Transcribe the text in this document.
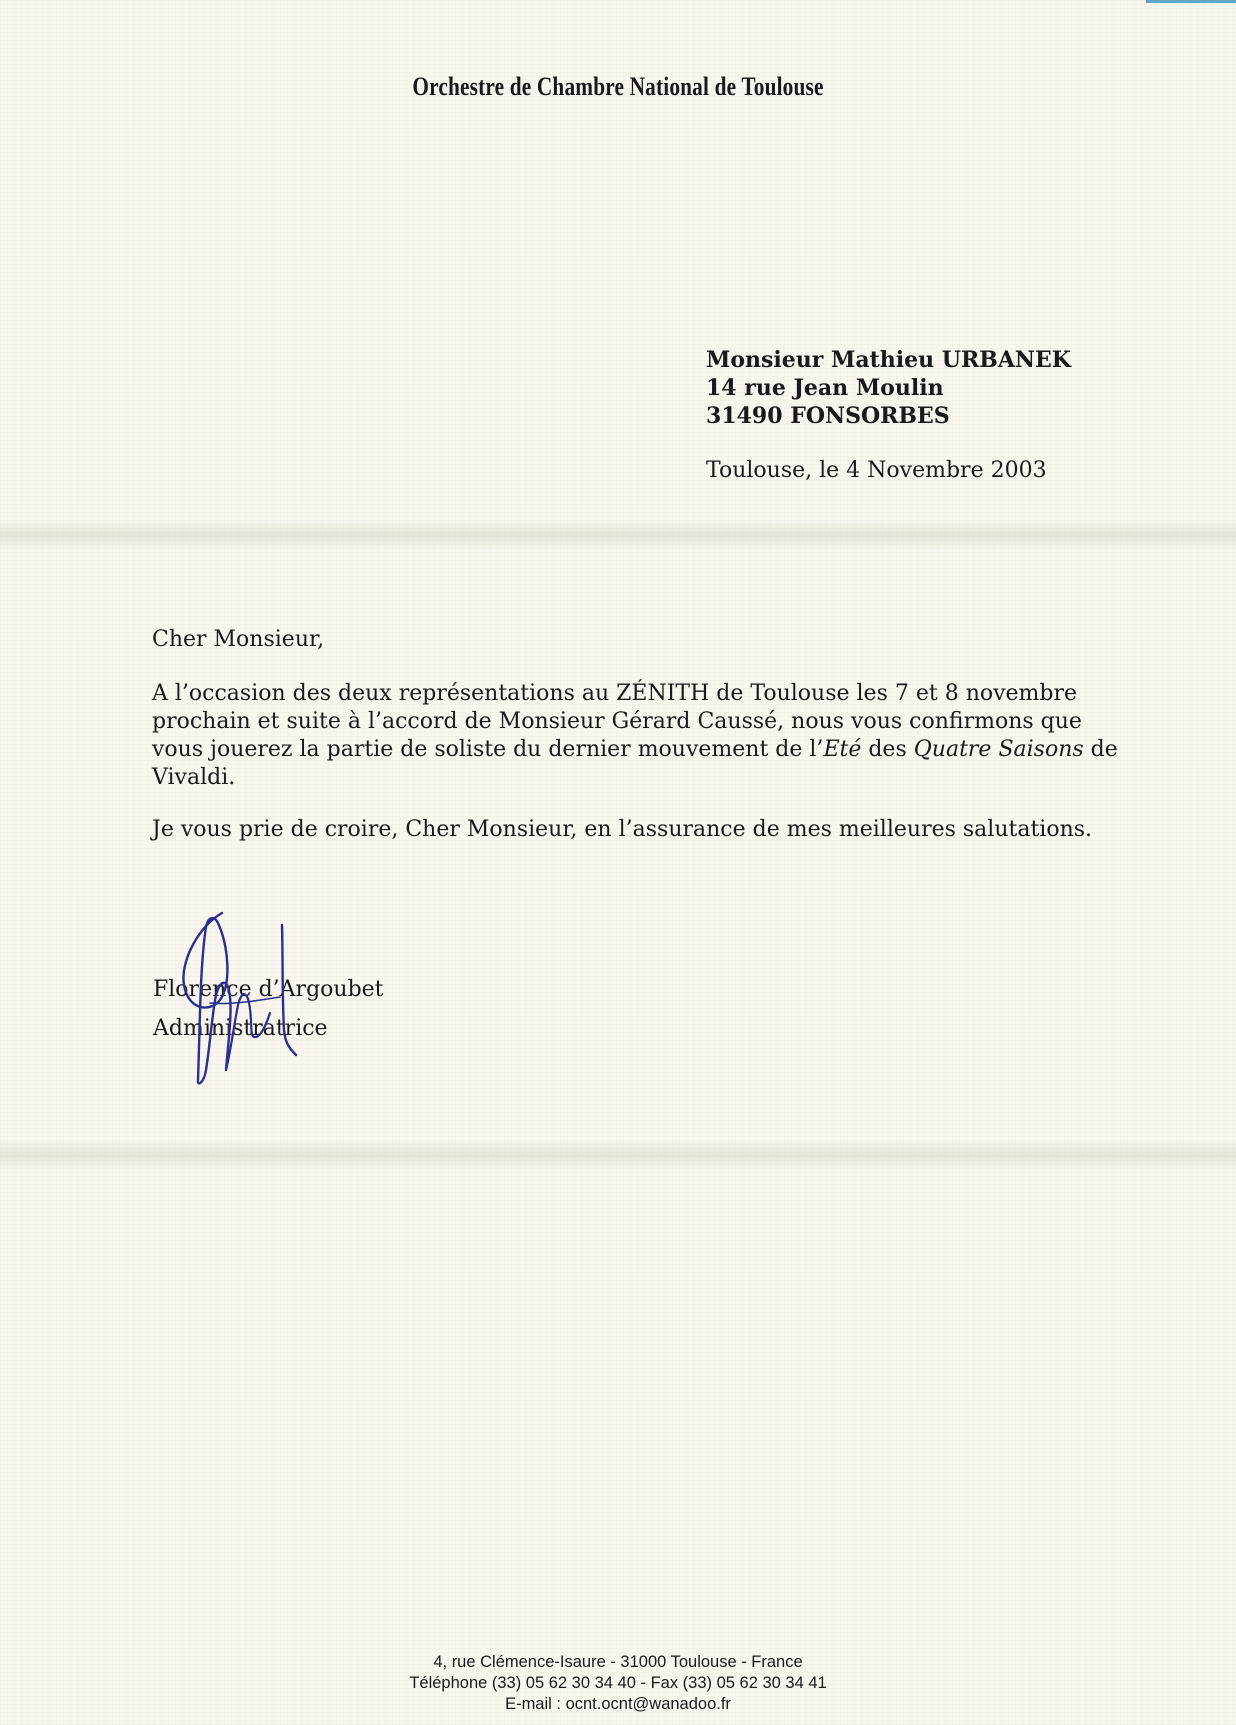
Orchestre de Chambre National de Toulouse
Monsieur Mathieu URBANEK
14 rue Jean Moulin
31490 FONSORBES
Toulouse, le 4 Novembre 2003
Cher Monsieur,
A l’occasion des deux représentations au ZÉNITH de Toulouse les 7 et 8 novembre
prochain et suite à l’accord de Monsieur Gérard Caussé, nous vous confirmons que
vous jouerez la partie de soliste du dernier mouvement de l’Eté des Quatre Saisons de
Vivaldi.
Je vous prie de croire, Cher Monsieur, en l’assurance de mes meilleures salutations.
Florence d’Argoubet
Administratrice
4, rue Clémence-Isaure - 31000 Toulouse - France
Téléphone (33) 05 62 30 34 40 - Fax (33) 05 62 30 34 41
E-mail : ocnt.ocnt@wanadoo.fr
